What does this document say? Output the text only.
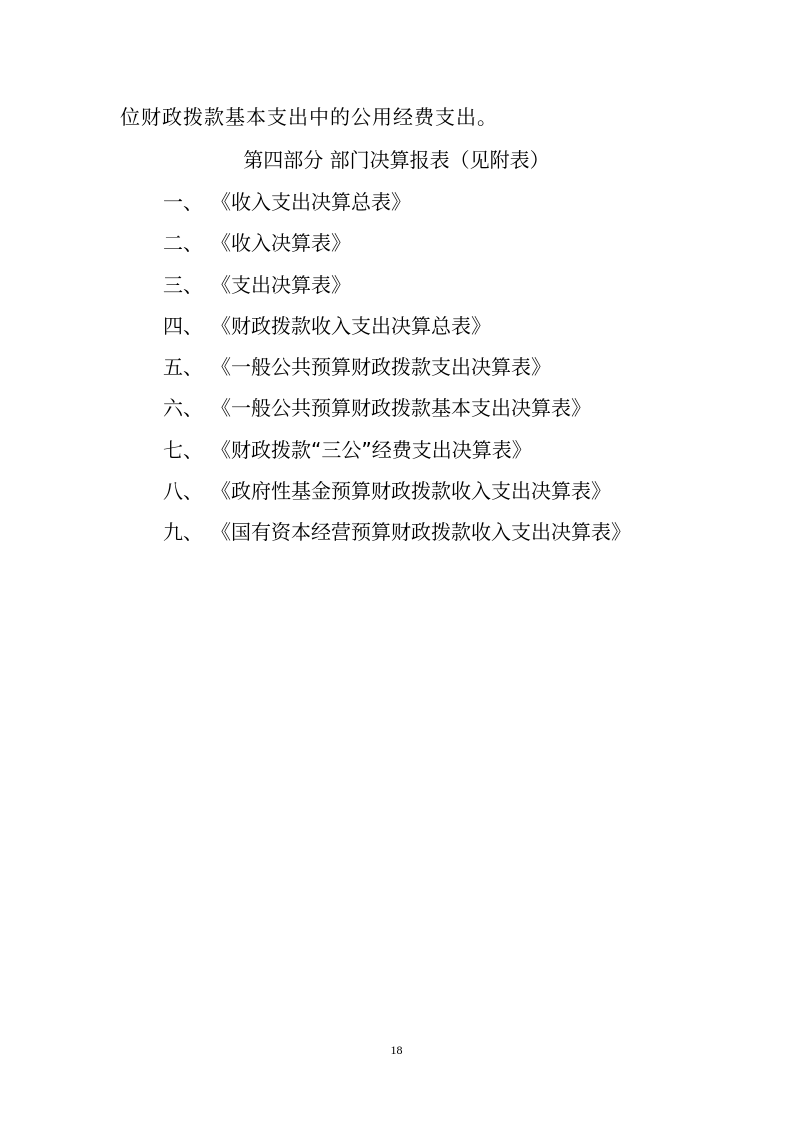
位财政拨款基本支出中的公用经费支出。
第四部分 部门决算报表（见附表）
一、 《收入支出决算总表》
二、 《收入决算表》
三、 《支出决算表》
四、 《财政拨款收入支出决算总表》
五、 《一般公共预算财政拨款支出决算表》
六、 《一般公共预算财政拨款基本支出决算表》
七、 《财政拨款“三公”经费支出决算表》
八、 《政府性基金预算财政拨款收入支出决算表》
九、 《国有资本经营预算财政拨款收入支出决算表》
18
